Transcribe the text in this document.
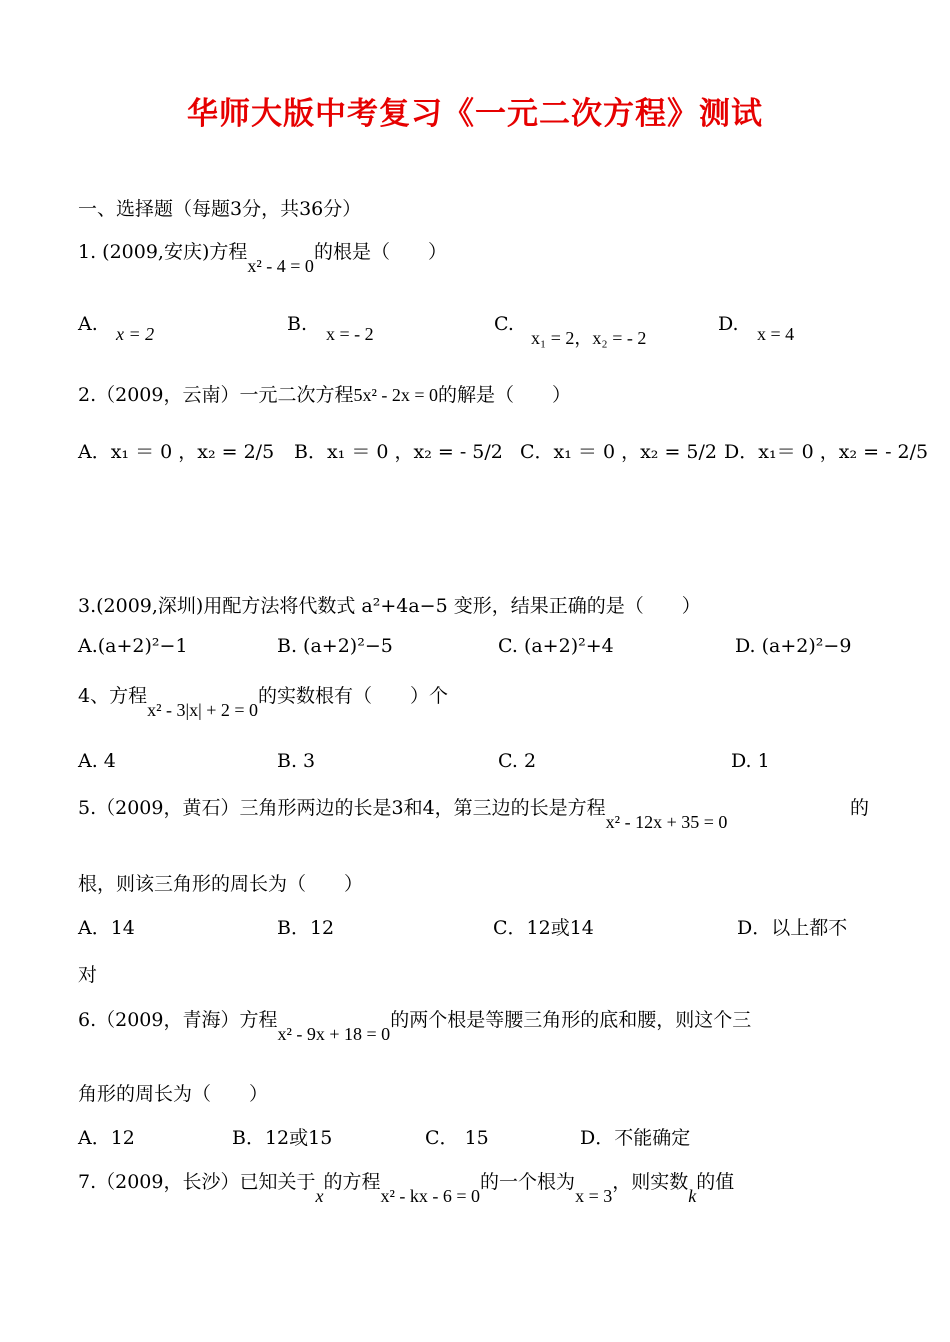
华师大版中考复习《一元二次方程》测试
一、选择题（每题3分，共36分）
1. (2009,安庆)方程x² - 4 = 0的根是（　　）
A. x = 2	B. x = - 2	C.
x₁ = 2，x₂ = - 2
D. x = 4
2.（2009，云南）一元二次方程5x² - 2x = 0的解是（　　）
A．x₁ ＝ 0 ，x₂ = 2/5 B．x₁ ＝ 0 ，x₂ = - 5/2 C．x₁ ＝ 0 ，x₂ = 5/2 D．x₁＝ 0 ，x₂ = - 2/5
3.(2009,深圳)用配方法将代数式 a²+4a−5 变形，结果正确的是（　　）
A.(a+2)²−1	B. (a+2)²−5	C. (a+2)²+4	D. (a+2)²−9
4、方程x² - 3|x| + 2 = 0的实数根有（　　）个
A. 4	B. 3	C. 2	D. 1
5.（2009，黄石）三角形两边的长是3和4，第三边的长是方程x² - 12x + 35 = 0
的
根，则该三角形的周长为（　　）
A．14	B．12	C．12或14	D．以上都不
对
6.（2009，青海）方程x² - 9x + 18 = 0的两个根是等腰三角形的底和腰，则这个三
角形的周长为（　　）
A．12	B．12或15	C． 15	D．不能确定
7.（2009，长沙）已知关于x的方程x² - kx - 6 = 0的一个根为x = 3，则实数k的值
